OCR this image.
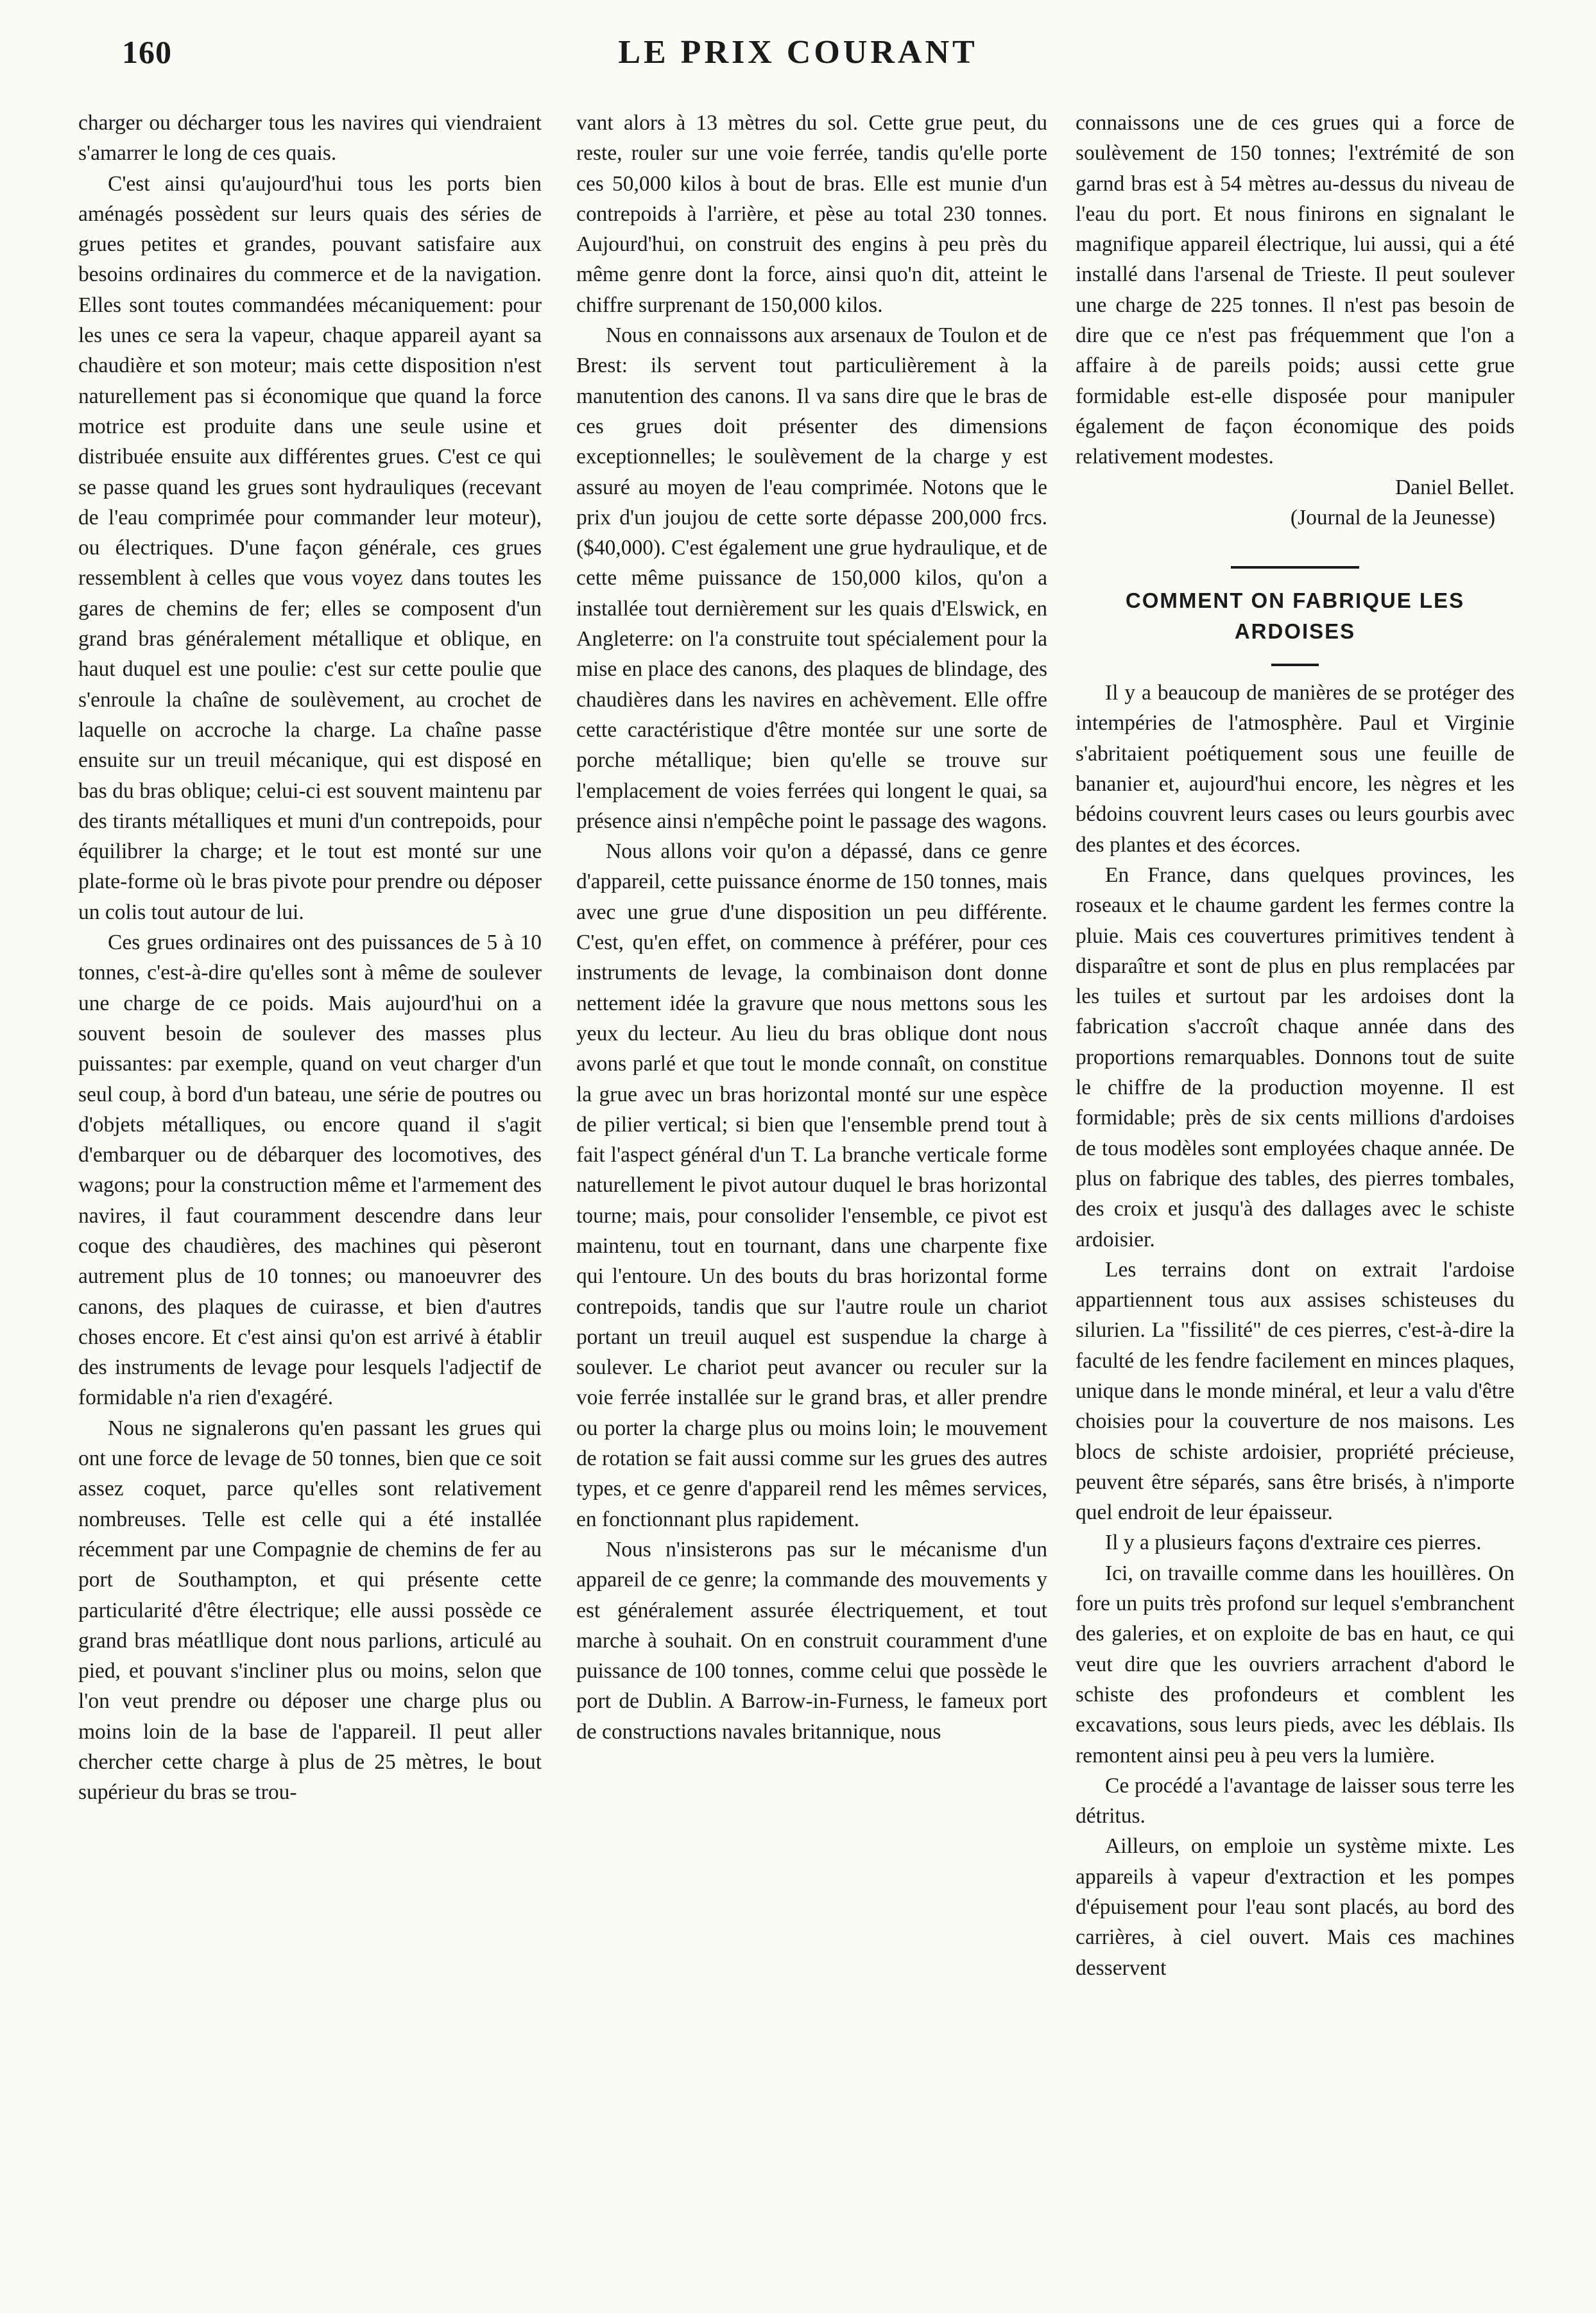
160	LE PRIX COURANT

charger ou décharger tous les navires qui viendraient s'amarrer le long de ces quais.

C'est ainsi qu'aujourd'hui tous les ports bien aménagés possèdent sur leurs quais des séries de grues petites et grandes, pouvant satisfaire aux besoins ordinaires du commerce et de la navigation. Elles sont toutes commandées mécaniquement: pour les unes ce sera la vapeur, chaque appareil ayant sa chaudière et son moteur; mais cette disposition n'est naturellement pas si économique que quand la force motrice est produite dans une seule usine et distribuée ensuite aux différentes grues. C'est ce qui se passe quand les grues sont hydrauliques (recevant de l'eau comprimée pour commander leur moteur), ou électriques. D'une façon générale, ces grues ressemblent à celles que vous voyez dans toutes les gares de chemins de fer; elles se composent d'un grand bras généralement métallique et oblique, en haut duquel est une poulie: c'est sur cette poulie que s'enroule la chaîne de soulèvement, au crochet de laquelle on accroche la charge. La chaîne passe ensuite sur un treuil mécanique, qui est disposé en bas du bras oblique; celui-ci est souvent maintenu par des tirants métalliques et muni d'un contrepoids, pour équilibrer la charge; et le tout est monté sur une plate-forme où le bras pivote pour prendre ou déposer un colis tout autour de lui.

Ces grues ordinaires ont des puissances de 5 à 10 tonnes, c'est-à-dire qu'elles sont à même de soulever une charge de ce poids. Mais aujourd'hui on a souvent besoin de soulever des masses plus puissantes: par exemple, quand on veut charger d'un seul coup, à bord d'un bateau, une série de poutres ou d'objets métalliques, ou encore quand il s'agit d'embarquer ou de débarquer des locomotives, des wagons; pour la construction même et l'armement des navires, il faut couramment descendre dans leur coque des chaudières, des machines qui pèseront autrement plus de 10 tonnes; ou manoeuvrer des canons, des plaques de cuirasse, et bien d'autres choses encore. Et c'est ainsi qu'on est arrivé à établir des instruments de levage pour lesquels l'adjectif de formidable n'a rien d'exagéré.

Nous ne signalerons qu'en passant les grues qui ont une force de levage de 50 tonnes, bien que ce soit assez coquet, parce qu'elles sont relativement nombreuses. Telle est celle qui a été installée récemment par une Compagnie de chemins de fer au port de Southampton, et qui présente cette particularité d'être électrique; elle aussi possède ce grand bras méatllique dont nous parlions, articulé au pied, et pouvant s'incliner plus ou moins, selon que l'on veut prendre ou déposer une charge plus ou moins loin de la base de l'appareil. Il peut aller chercher cette charge à plus de 25 mètres, le bout supérieur du bras se trou-

vant alors à 13 mètres du sol. Cette grue peut, du reste, rouler sur une voie ferrée, tandis qu'elle porte ces 50,000 kilos à bout de bras. Elle est munie d'un contrepoids à l'arrière, et pèse au total 230 tonnes. Aujourd'hui, on construit des engins à peu près du même genre dont la force, ainsi quo'n dit, atteint le chiffre surprenant de 150,000 kilos.

Nous en connaissons aux arsenaux de Toulon et de Brest: ils servent tout particulièrement à la manutention des canons. Il va sans dire que le bras de ces grues doit présenter des dimensions exceptionnelles; le soulèvement de la charge y est assuré au moyen de l'eau comprimée. Notons que le prix d'un joujou de cette sorte dépasse 200,000 frcs. ($40,000). C'est également une grue hydraulique, et de cette même puissance de 150,000 kilos, qu'on a installée tout dernièrement sur les quais d'Elswick, en Angleterre: on l'a construite tout spécialement pour la mise en place des canons, des plaques de blindage, des chaudières dans les navires en achèvement. Elle offre cette caractéristique d'être montée sur une sorte de porche métallique; bien qu'elle se trouve sur l'emplacement de voies ferrées qui longent le quai, sa présence ainsi n'empêche point le passage des wagons.

Nous allons voir qu'on a dépassé, dans ce genre d'appareil, cette puissance énorme de 150 tonnes, mais avec une grue d'une disposition un peu différente. C'est, qu'en effet, on commence à préférer, pour ces instruments de levage, la combinaison dont donne nettement idée la gravure que nous mettons sous les yeux du lecteur. Au lieu du bras oblique dont nous avons parlé et que tout le monde connaît, on constitue la grue avec un bras horizontal monté sur une espèce de pilier vertical; si bien que l'ensemble prend tout à fait l'aspect général d'un T. La branche verticale forme naturellement le pivot autour duquel le bras horizontal tourne; mais, pour consolider l'ensemble, ce pivot est maintenu, tout en tournant, dans une charpente fixe qui l'entoure. Un des bouts du bras horizontal forme contrepoids, tandis que sur l'autre roule un chariot portant un treuil auquel est suspendue la charge à soulever. Le chariot peut avancer ou reculer sur la voie ferrée installée sur le grand bras, et aller prendre ou porter la charge plus ou moins loin; le mouvement de rotation se fait aussi comme sur les grues des autres types, et ce genre d'appareil rend les mêmes services, en fonctionnant plus rapidement.

Nous n'insisterons pas sur le mécanisme d'un appareil de ce genre; la commande des mouvements y est généralement assurée électriquement, et tout marche à souhait. On en construit couramment d'une puissance de 100 tonnes, comme celui que possède le port de Dublin. A Barrow-in-Furness, le fameux port de constructions navales britannique, nous

connaissons une de ces grues qui a force de soulèvement de 150 tonnes; l'extrémité de son garnd bras est à 54 mètres au-dessus du niveau de l'eau du port. Et nous finirons en signalant le magnifique appareil électrique, lui aussi, qui a été installé dans l'arsenal de Trieste. Il peut soulever une charge de 225 tonnes. Il n'est pas besoin de dire que ce n'est pas fréquemment que l'on a affaire à de pareils poids; aussi cette grue formidable est-elle disposée pour manipuler également de façon économique des poids relativement modestes.

Daniel Bellet.

(Journal de la Jeunesse)

COMMENT ON FABRIQUE LES ARDOISES

Il y a beaucoup de manières de se protéger des intempéries de l'atmosphère. Paul et Virginie s'abritaient poétiquement sous une feuille de bananier et, aujourd'hui encore, les nègres et les bédoins couvrent leurs cases ou leurs gourbis avec des plantes et des écorces.

En France, dans quelques provinces, les roseaux et le chaume gardent les fermes contre la pluie. Mais ces couvertures primitives tendent à disparaître et sont de plus en plus remplacées par les tuiles et surtout par les ardoises dont la fabrication s'accroît chaque année dans des proportions remarquables. Donnons tout de suite le chiffre de la production moyenne. Il est formidable; près de six cents millions d'ardoises de tous modèles sont employées chaque année. De plus on fabrique des tables, des pierres tombales, des croix et jusqu'à des dallages avec le schiste ardoisier.

Les terrains dont on extrait l'ardoise appartiennent tous aux assises schisteuses du silurien. La "fissilité" de ces pierres, c'est-à-dire la faculté de les fendre facilement en minces plaques, unique dans le monde minéral, et leur a valu d'être choisies pour la couverture de nos maisons. Les blocs de schiste ardoisier, propriété précieuse, peuvent être séparés, sans être brisés, à n'importe quel endroit de leur épaisseur.

Il y a plusieurs façons d'extraire ces pierres.

Ici, on travaille comme dans les houillères. On fore un puits très profond sur lequel s'embranchent des galeries, et on exploite de bas en haut, ce qui veut dire que les ouvriers arrachent d'abord le schiste des profondeurs et comblent les excavations, sous leurs pieds, avec les déblais. Ils remontent ainsi peu à peu vers la lumière.

Ce procédé a l'avantage de laisser sous terre les détritus.

Ailleurs, on emploie un système mixte. Les appareils à vapeur d'extraction et les pompes d'épuisement pour l'eau sont placés, au bord des carrières, à ciel ouvert. Mais ces machines desservent
